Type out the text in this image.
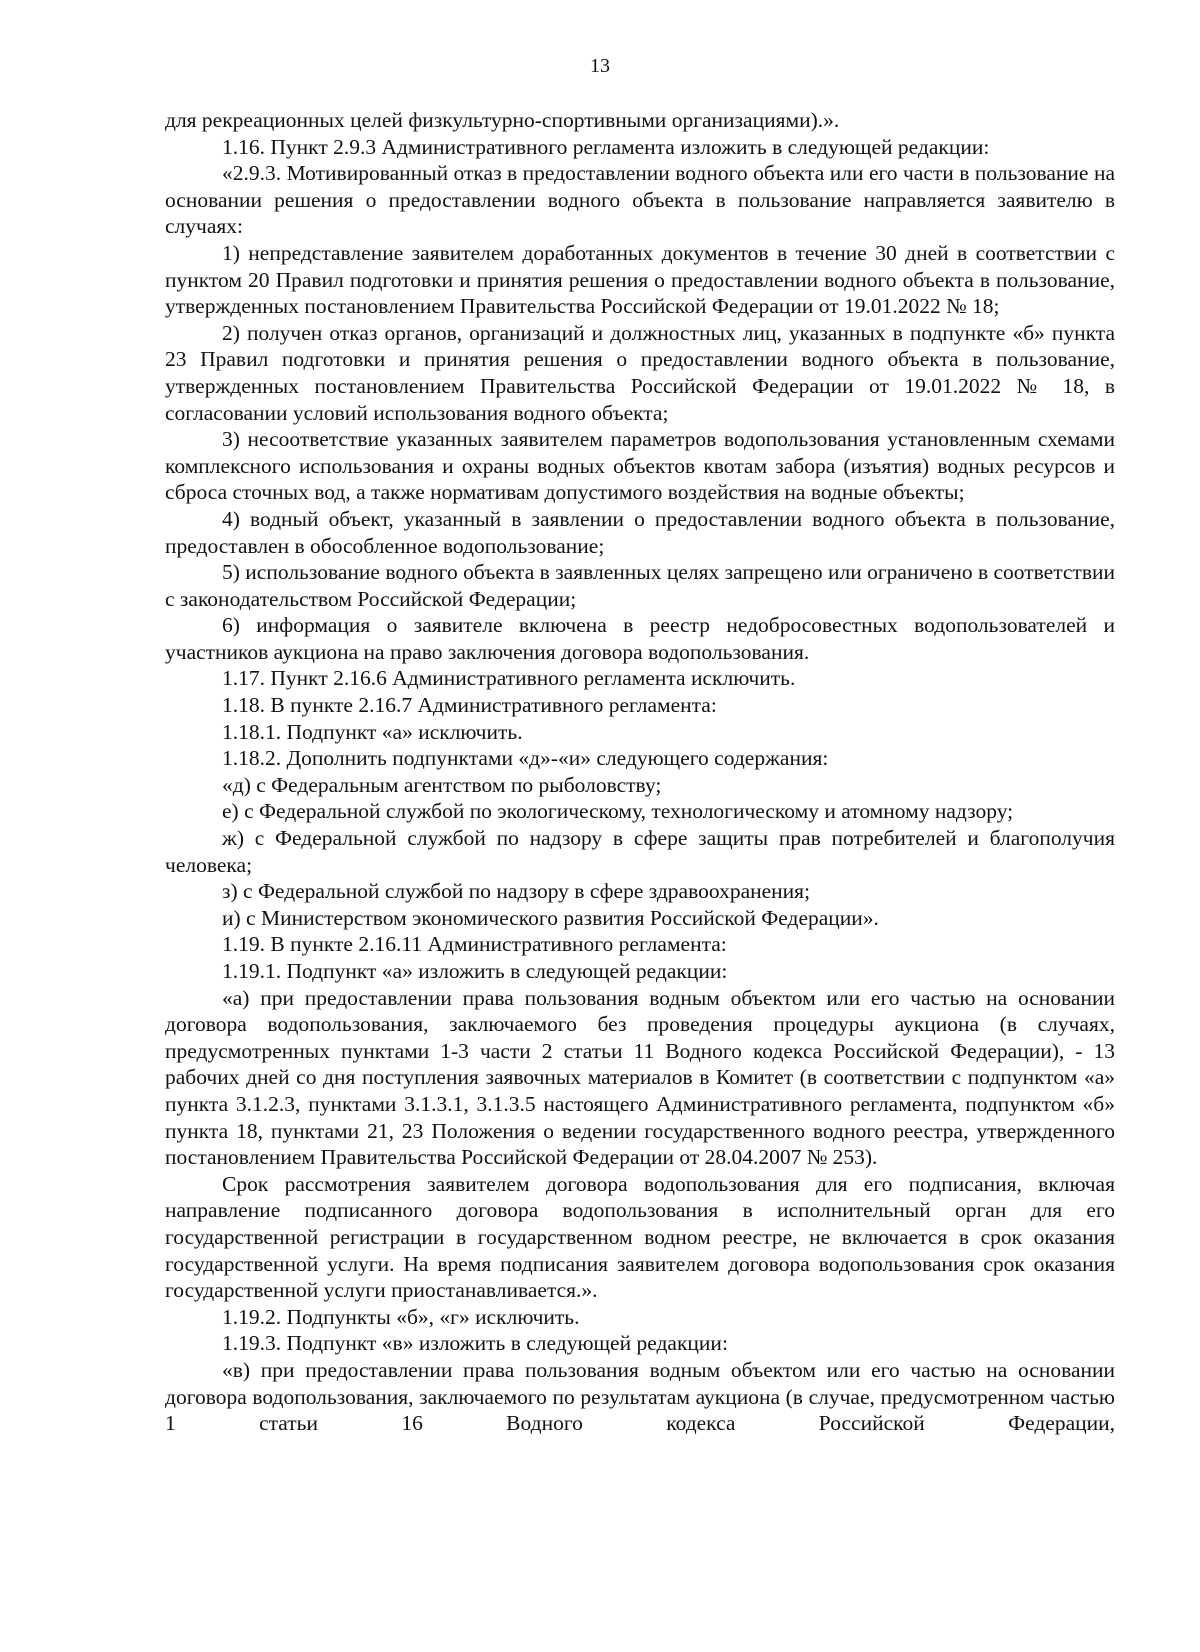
13

для рекреационных целей физкультурно-спортивными организациями).».

1.16. Пункт 2.9.3 Административного регламента изложить в следующей редакции:

«2.9.3. Мотивированный отказ в предоставлении водного объекта или его части в пользование на основании решения о предоставлении водного объекта в пользование направляется заявителю в случаях:

1) непредставление заявителем доработанных документов в течение 30 дней в соответствии с пунктом 20 Правил подготовки и принятия решения о предоставлении водного объекта в пользование, утвержденных постановлением Правительства Российской Федерации от 19.01.2022 № 18;

2) получен отказ органов, организаций и должностных лиц, указанных в подпункте «б» пункта 23 Правил подготовки и принятия решения о предоставлении водного объекта в пользование, утвержденных постановлением Правительства Российской Федерации от 19.01.2022 № 18, в согласовании условий использования водного объекта;

3) несоответствие указанных заявителем параметров водопользования установленным схемами комплексного использования и охраны водных объектов квотам забора (изъятия) водных ресурсов и сброса сточных вод, а также нормативам допустимого воздействия на водные объекты;

4) водный объект, указанный в заявлении о предоставлении водного объекта в пользование, предоставлен в обособленное водопользование;

5) использование водного объекта в заявленных целях запрещено или ограничено в соответствии с законодательством Российской Федерации;

6) информация о заявителе включена в реестр недобросовестных водопользователей и участников аукциона на право заключения договора водопользования.

1.17. Пункт 2.16.6 Административного регламента исключить.

1.18. В пункте 2.16.7 Административного регламента:

1.18.1. Подпункт «а» исключить.

1.18.2. Дополнить подпунктами «д»-«и» следующего содержания:

«д) с Федеральным агентством по рыболовству;

е) с Федеральной службой по экологическому, технологическому и атомному надзору;

ж) с Федеральной службой по надзору в сфере защиты прав потребителей и благополучия человека;

з) с Федеральной службой по надзору в сфере здравоохранения;

и) с Министерством экономического развития Российской Федерации».

1.19. В пункте 2.16.11 Административного регламента:

1.19.1. Подпункт «а» изложить в следующей редакции:

«а) при предоставлении права пользования водным объектом или его частью на основании договора водопользования, заключаемого без проведения процедуры аукциона (в случаях, предусмотренных пунктами 1-3 части 2 статьи 11 Водного кодекса Российской Федерации), - 13 рабочих дней со дня поступления заявочных материалов в Комитет (в соответствии с подпунктом «а» пункта 3.1.2.3, пунктами 3.1.3.1, 3.1.3.5 настоящего Административного регламента, подпунктом «б» пункта 18, пунктами 21, 23 Положения о ведении государственного водного реестра, утвержденного постановлением Правительства Российской Федерации от 28.04.2007 № 253).

Срок рассмотрения заявителем договора водопользования для его подписания, включая направление подписанного договора водопользования в исполнительный орган для его государственной регистрации в государственном водном реестре, не включается в срок оказания государственной услуги. На время подписания заявителем договора водопользования срок оказания государственной услуги приостанавливается.».

1.19.2. Подпункты «б», «г» исключить.

1.19.3. Подпункт «в» изложить в следующей редакции:

«в) при предоставлении права пользования водным объектом или его частью на основании договора водопользования, заключаемого по результатам аукциона (в случае, предусмотренном частью 1 статьи 16 Водного кодекса Российской Федерации,
